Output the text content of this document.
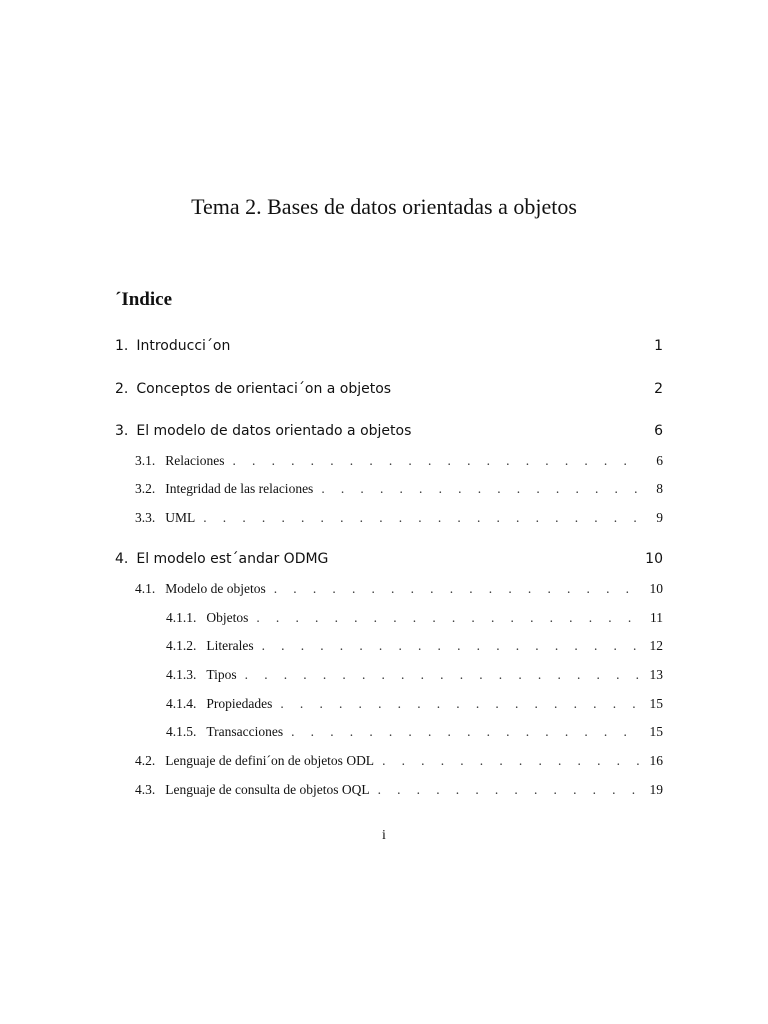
Tema 2. Bases de datos orientadas a objetos
´Indice
1. Introducci´on	1
2. Conceptos de orientaci´on a objetos	2
3. El modelo de datos orientado a objetos	6
3.1. Relaciones . . .	6
3.2. Integridad de las relaciones . . .	8
3.3. UML . . .	9
4. El modelo est´andar ODMG	10
4.1. Modelo de objetos . . .	10
4.1.1. Objetos . . .	11
4.1.2. Literales . . .	12
4.1.3. Tipos . . .	13
4.1.4. Propiedades . . .	15
4.1.5. Transacciones . . .	15
4.2. Lenguaje de defini´on de objetos ODL . . .	16
4.3. Lenguaje de consulta de objetos OQL . . .	19
i
